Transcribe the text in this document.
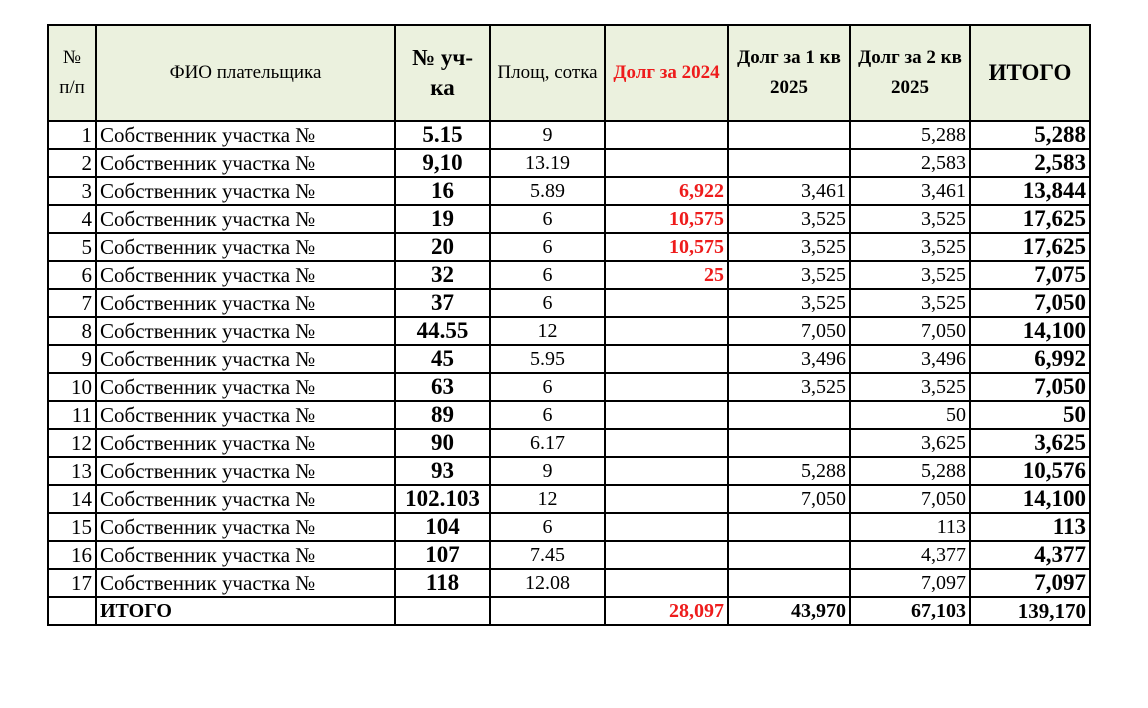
№ п/п	ФИО плательщика	№ уч-ка	Площ, сотка	Долг за 2024	Долг за 1 кв 2025	Долг за 2 кв 2025	ИТОГО
1	Собственник участка №	5.15	9			5,288	5,288
2	Собственник участка №	9,10	13.19			2,583	2,583
3	Собственник участка №	16	5.89	6,922	3,461	3,461	13,844
4	Собственник участка №	19	6	10,575	3,525	3,525	17,625
5	Собственник участка №	20	6	10,575	3,525	3,525	17,625
6	Собственник участка №	32	6	25	3,525	3,525	7,075
7	Собственник участка №	37	6		3,525	3,525	7,050
8	Собственник участка №	44.55	12		7,050	7,050	14,100
9	Собственник участка №	45	5.95		3,496	3,496	6,992
10	Собственник участка №	63	6		3,525	3,525	7,050
11	Собственник участка №	89	6			50	50
12	Собственник участка №	90	6.17			3,625	3,625
13	Собственник участка №	93	9		5,288	5,288	10,576
14	Собственник участка №	102.103	12		7,050	7,050	14,100
15	Собственник участка №	104	6			113	113
16	Собственник участка №	107	7.45			4,377	4,377
17	Собственник участка №	118	12.08			7,097	7,097
	ИТОГО			28,097	43,970	67,103	139,170
